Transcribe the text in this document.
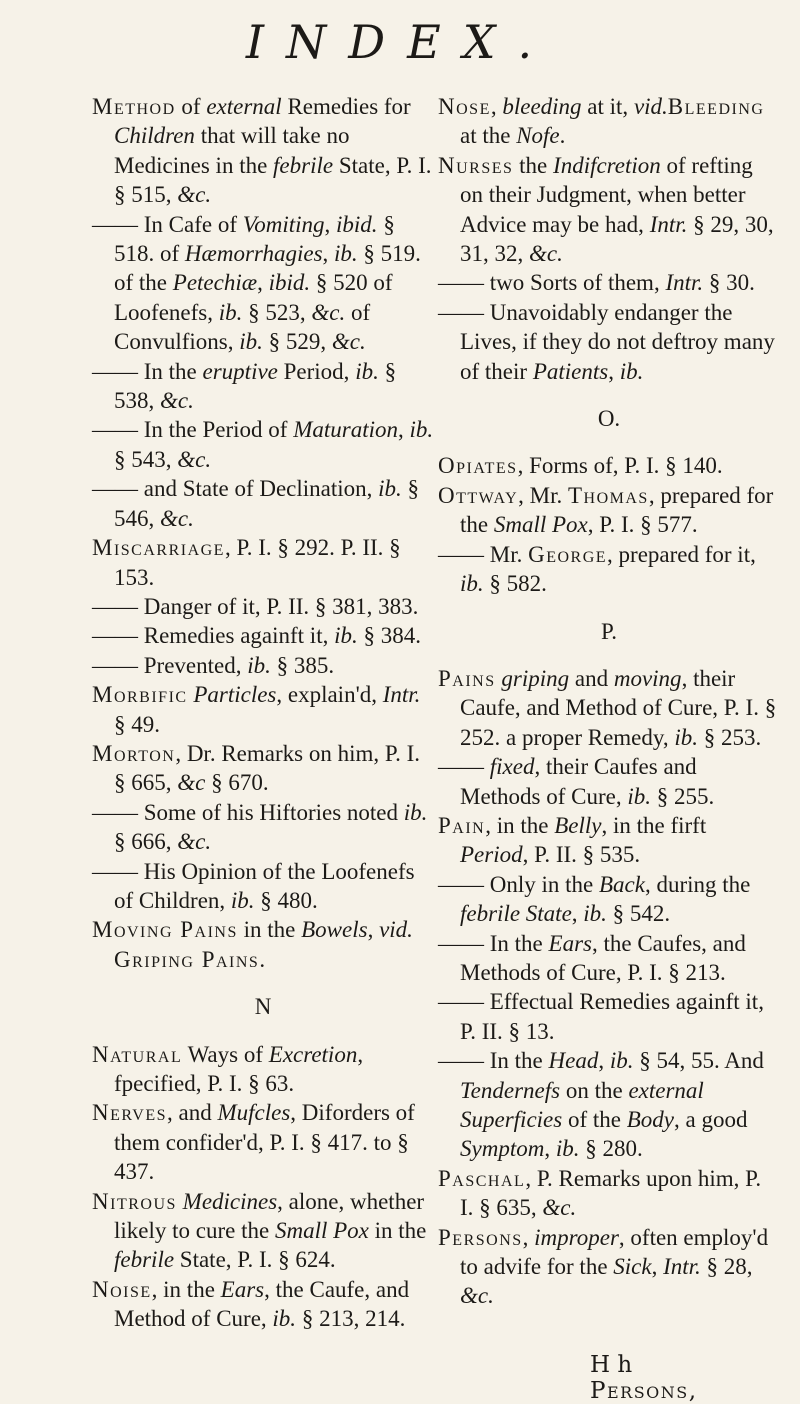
INDEX.

Method of external Remedies for Children that will take no Medicines in the febrile State, P. I. § 515, &c.

—— In Cafe of Vomiting, ibid. § 518. of Hæmorrhagies, ib. § 519. of the Petechiæ, ibid. § 520 of Loofenefs, ib. § 523, &c. of Convulfions, ib. § 529, &c.

—— In the eruptive Period, ib. § 538, &c.

—— In the Period of Maturation, ib. § 543, &c.

—— and State of Declination, ib. § 546, &c.

Miscarriage, P. I. § 292. P. II. § 153.

—— Danger of it, P. II. § 381, 383.

—— Remedies againft it, ib. § 384.

—— Prevented, ib. § 385.

Morbific Particles, explain'd, Intr. § 49.

Morton, Dr. Remarks on him, P. I. § 665, &c § 670.

—— Some of his Hiftories noted ib. § 666, &c.

—— His Opinion of the Loofenefs of Children, ib. § 480.

Moving Pains in the Bowels, vid. Griping Pains.

N

Natural Ways of Excretion, fpecified, P. I. § 63.

Nerves, and Mufcles, Diforders of them confider'd, P. I. § 417. to § 437.

Nitrous Medicines, alone, whether likely to cure the Small Pox in the febrile State, P. I. § 624.

Noise, in the Ears, the Caufe, and Method of Cure, ib. § 213, 214.

Nose, bleeding at it, vid.Bleeding at the Nofe.

Nurses the Indifcretion of refting on their Judgment, when better Advice may be had, Intr. § 29, 30, 31, 32, &c.

—— two Sorts of them, Intr. § 30.

—— Unavoidably endanger the Lives, if they do not deftroy many of their Patients, ib.

O.

Opiates, Forms of, P. I. § 140.

Ottway, Mr. Thomas, prepared for the Small Pox, P. I. § 577.

—— Mr. George, prepared for it, ib. § 582.

P.

Pains griping and moving, their Caufe, and Method of Cure, P. I. § 252. a proper Remedy, ib. § 253.

—— fixed, their Caufes and Methods of Cure, ib. § 255.

Pain, in the Belly, in the firft Period, P. II. § 535.

—— Only in the Back, during the febrile State, ib. § 542.

—— In the Ears, the Caufes, and Methods of Cure, P. I. § 213.

—— Effectual Remedies againft it, P. II. § 13.

—— In the Head, ib. § 54, 55. And Tendernefs on the external Superficies of the Body, a good Symptom, ib. § 280.

Paschal, P. Remarks upon him, P. I. § 635, &c.

Persons, improper, often employ'd to advife for the Sick, Intr. § 28, &c.

H h Persons,
